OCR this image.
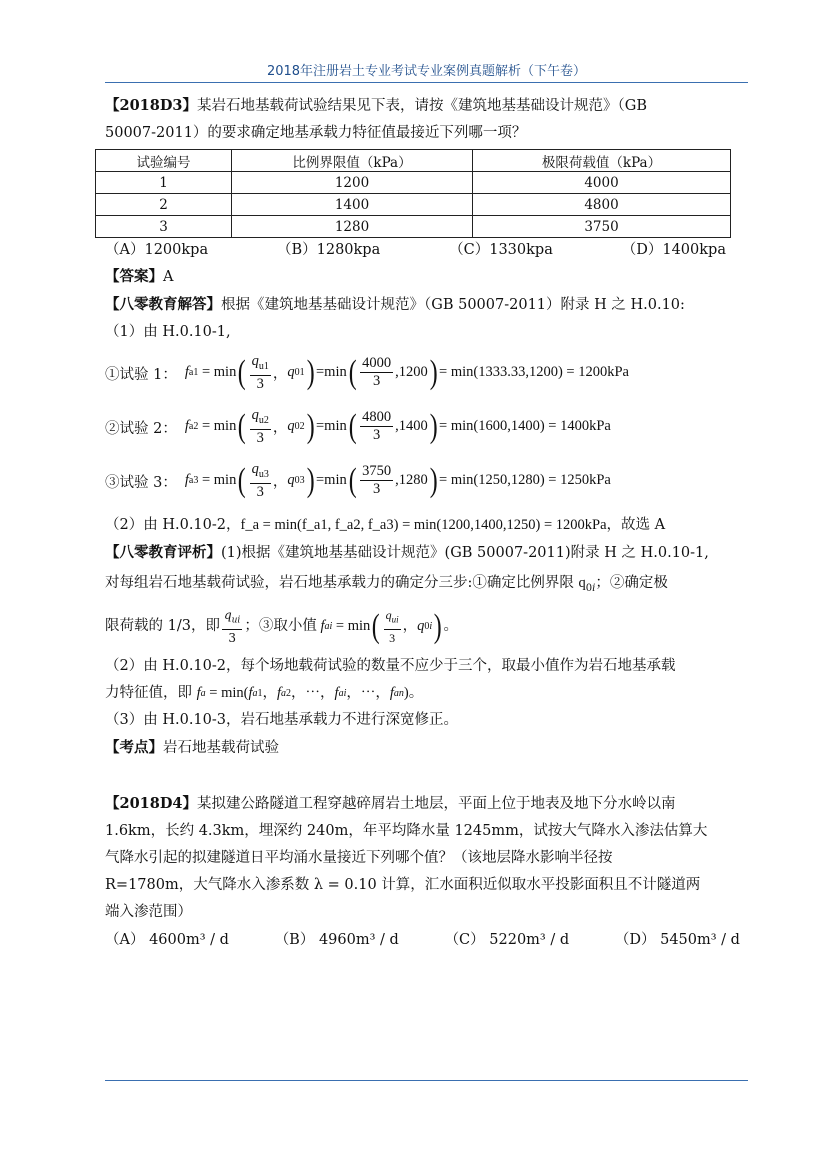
2018年注册岩土专业考试专业案例真题解析（下午卷）

【2018D3】某岩石地基载荷试验结果见下表，请按《建筑地基基础设计规范》（GB

50007-2011）的要求确定地基承载力特征值最接近下列哪一项？

试验编号	比例界限值（kPa）	极限荷载值（kPa）
1	1200	4000
2	1400	4800
3	1280	3750
（A）1200kpa	（B）1280kpa	（C）1330kpa	（D）1400kpa

【答案】A

【八零教育解答】根据《建筑地基基础设计规范》（GB 50007-2011）附录 H 之 H.0.10:

（1）由 H.0.10-1,

①试验 1： f a1 = min ( $\frac{q_{u1}}{3}$ ， q 01 ) =min ( $\frac{4000}{3}$ , 1200 ) = min(1333.33,1200) = 1200kPa
②试验 2： f a2 = min ( $\frac{q_{u2}}{3}$ ， q 02 ) =min ( $\frac{4800}{3}$ , 1400 ) = min(1600,1400) = 1400kPa
③试验 3： f a3 = min ( $\frac{q_{u3}}{3}$ ， q 03 ) =min ( $\frac{3750}{3}$ , 1280 ) = min(1250,1280) = 1250kPa

（2）由 H.0.10-2，f_a = min(f_a1, f_a2, f_a3) = min(1200,1400,1250) = 1200kPa，故选 A

【八零教育评析】(1)根据《建筑地基基础设计规范》(GB 50007-2011)附录 H 之 H.0.10-1,

对每组岩石地基载荷试验，岩石地基承载力的确定分三步:①确定比例界限 $q_{0i}$；②确定极

限荷载的 1/3，即 $\frac{q_{ui}}{3}$ ；③取小值
f ai = min ( $\frac{q_{ui}}{3}$ ， q 0i ) 。

（2）由 H.0.10-2，每个场地载荷试验的数量不应少于三个，取最小值作为岩石地基承载

力特征值，即 f a = min( f a1 ， f a2 ，⋯， f ai ，⋯， f an )。

（3）由 H.0.10-3，岩石地基承载力不进行深宽修正。

【考点】岩石地基载荷试验

【2018D4】某拟建公路隧道工程穿越碎屑岩土地层，平面上位于地表及地下分水岭以南

1.6km，长约 4.3km，埋深约 240m，年平均降水量 1245mm，试按大气降水入渗法估算大

气降水引起的拟建隧道日平均涌水量接近下列哪个值？（该地层降水影响半径按

R=1780m，大气降水入渗系数 λ = 0.10 计算，汇水面积近似取水平投影面积且不计隧道两

端入渗范围）

（A） 4600m³ / d	（B） 4960m³ / d	（C） 5220m³ / d	（D） 5450m³ / d
